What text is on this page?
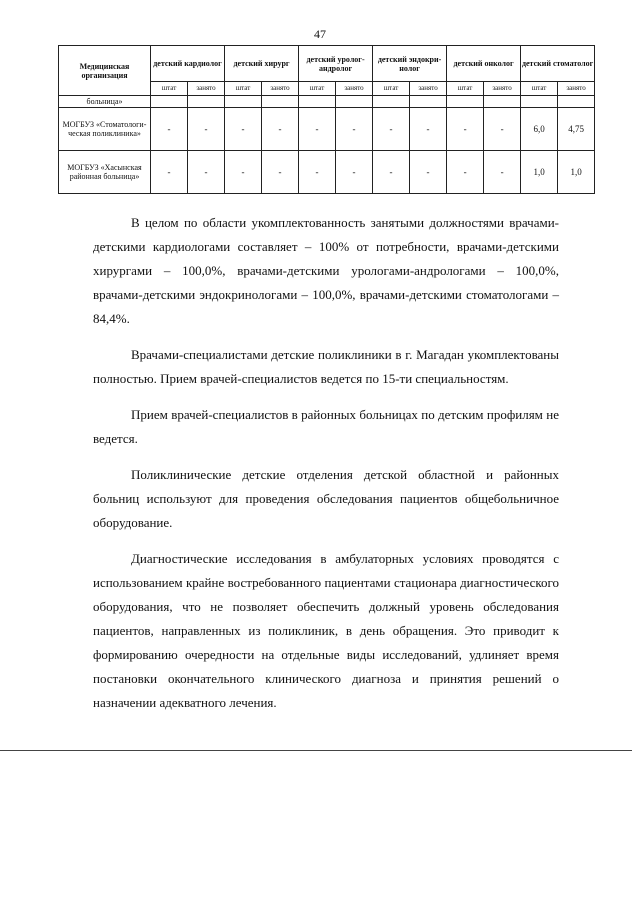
47
Медицинская организация	детский кардиолог		детский хирург		детский уролог-андролог		детский эндокри-нолог		детский онколог		детский стоматолог	
	штат	занято	штат	занято	штат	занято	штат	занято	штат	занято	штат	занято
больница»												
МОГБУЗ «Стоматологи-ческая поликлиника»	-	-	-	-	-	-	-	-	-	-	6,0	4,75
МОГБУЗ «Хасынская районная больница»	-	-	-	-	-	-	-	-	-	-	1,0	1,0

В целом по области укомплектованность занятыми должностями врачами-детскими кардиологами составляет – 100% от потребности, врачами-детскими хирургами – 100,0%, врачами-детскими урологами-андрологами – 100,0%, врачами-детскими эндокринологами – 100,0%, врачами-детскими стоматологами – 84,4%.

Врачами-специалистами детские поликлиники в г. Магадан укомплектованы полностью. Прием врачей-специалистов ведется по 15-ти специальностям.

Прием врачей-специалистов в районных больницах по детским профилям не ведется.

Поликлинические детские отделения детской областной и районных больниц используют для проведения обследования пациентов общебольничное оборудование.

Диагностические исследования в амбулаторных условиях проводятся с использованием крайне востребованного пациентами стационара диагностического оборудования, что не позволяет обеспечить должный уровень обследования пациентов, направленных из поликлиник, в день обращения. Это приводит к формированию очередности на отдельные виды исследований, удлиняет время постановки окончательного клинического диагноза и принятия решений о назначении адекватного лечения.
